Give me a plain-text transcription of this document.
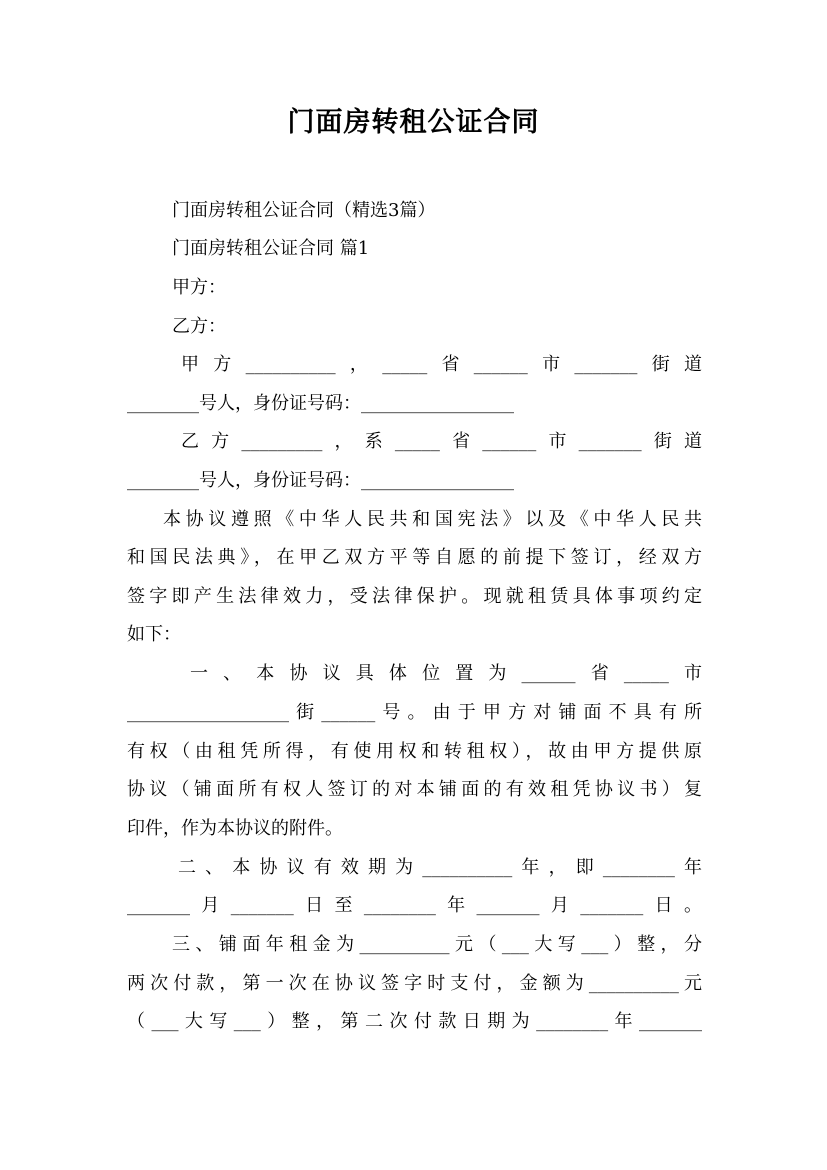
门面房转租公证合同
门面房转租公证合同（精选3篇）
门面房转租公证合同 篇1
甲方：
乙方：
甲方__________，_____省______市_______街道
________号人，身份证号码：_________________
乙方_________，系_____省______市_______街道
________号人，身份证号码：_________________
本协议遵照《中华人民共和国宪法》以及《中华人民共
和国民法典》，在甲乙双方平等自愿的前提下签订，经双方
签字即产生法律效力，受法律保护。现就租赁具体事项约定
如下：
一、本协议具体位置为______省_____市
__________________街______号。由于甲方对铺面不具有所
有权（由租凭所得，有使用权和转租权），故由甲方提供原
协议（铺面所有权人签订的对本铺面的有效租凭协议书）复
印件，作为本协议的附件。
二、本协议有效期为__________年，即________年
_______月_______日至________年_______月_______日。
三、铺面年租金为__________元（___大写___）整，分
两次付款，第一次在协议签字时支付，金额为__________元
（___大写___）整，第二次付款日期为________年_______
